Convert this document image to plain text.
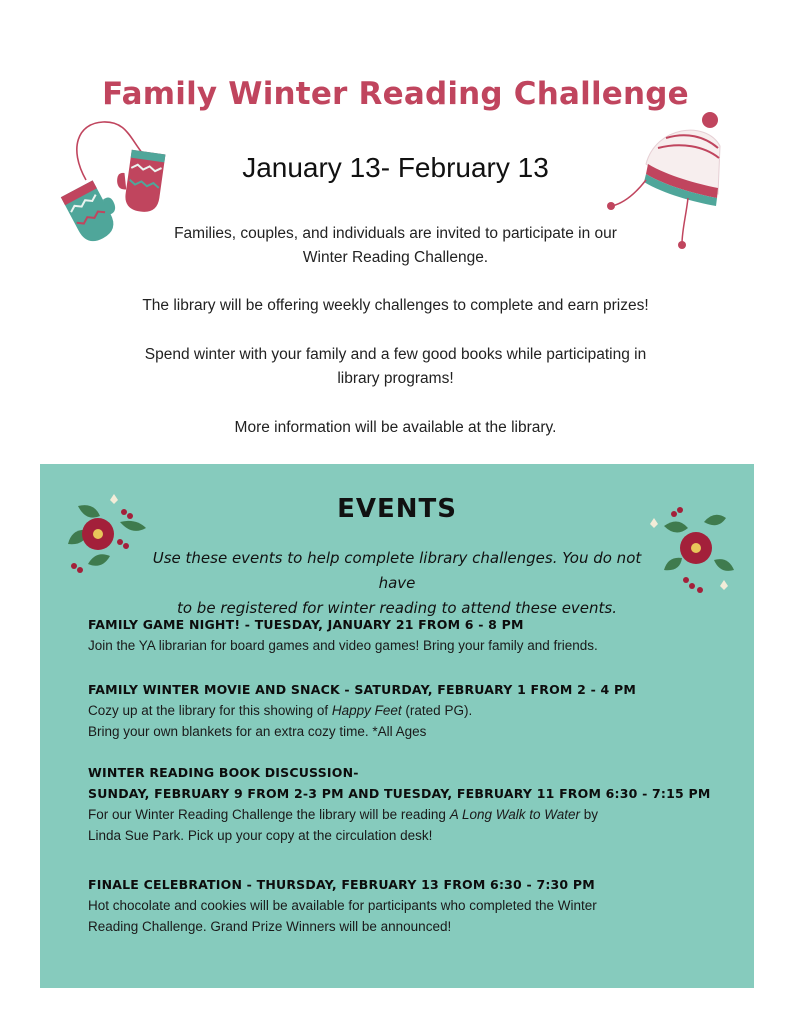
Family Winter Reading Challenge
January 13- February 13

Families, couples, and individuals are invited to participate in our
Winter Reading Challenge.

The library will be offering weekly challenges to complete and earn prizes!

Spend winter with your family and a few good books while participating in
library programs!

More information will be available at the library.

EVENTS

Use these events to help complete library challenges. You do not have
to be registered for winter reading to attend these events.

FAMILY GAME NIGHT! - TUESDAY, JANUARY 21 FROM 6 - 8 PM

Join the YA librarian for board games and video games! Bring your family and friends.

FAMILY WINTER MOVIE AND SNACK - SATURDAY, FEBRUARY 1 FROM 2 - 4 PM

Cozy up at the library for this showing of Happy Feet (rated PG).

Bring your own blankets for an extra cozy time. *All Ages

WINTER READING BOOK DISCUSSION-

SUNDAY, FEBRUARY 9 FROM 2-3 PM AND TUESDAY, FEBRUARY 11 FROM 6:30 - 7:15 PM

For our Winter Reading Challenge the library will be reading A Long Walk to Water by

Linda Sue Park. Pick up your copy at the circulation desk!

FINALE CELEBRATION - THURSDAY, FEBRUARY 13 FROM 6:30 - 7:30 PM

Hot chocolate and cookies will be available for participants who completed the Winter

Reading Challenge. Grand Prize Winners will be announced!
